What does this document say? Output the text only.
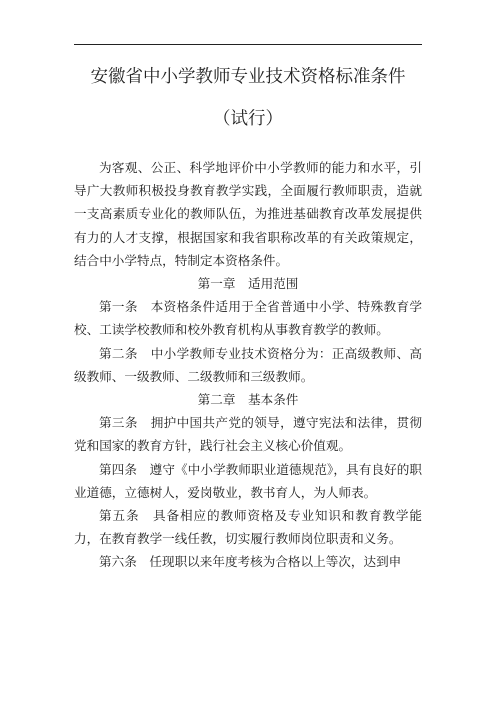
安徽省中小学教师专业技术资格标准条件
（试行）

为客观、公正、科学地评价中小学教师的能力和水平，引导广大教师积极投身教育教学实践，全面履行教师职责，造就一支高素质专业化的教师队伍，为推进基础教育改革发展提供有力的人才支撑，根据国家和我省职称改革的有关政策规定，结合中小学特点，特制定本资格条件。

第一章　适用范围

第一条　本资格条件适用于全省普通中小学、特殊教育学校、工读学校教师和校外教育机构从事教育教学的教师。

第二条　中小学教师专业技术资格分为：正高级教师、高级教师、一级教师、二级教师和三级教师。

第二章　基本条件

第三条　拥护中国共产党的领导，遵守宪法和法律，贯彻党和国家的教育方针，践行社会主义核心价值观。

第四条　遵守《中小学教师职业道德规范》，具有良好的职业道德，立德树人，爱岗敬业，教书育人，为人师表。

第五条　具备相应的教师资格及专业知识和教育教学能力，在教育教学一线任教，切实履行教师岗位职责和义务。

第六条　任现职以来年度考核为合格以上等次，达到申
